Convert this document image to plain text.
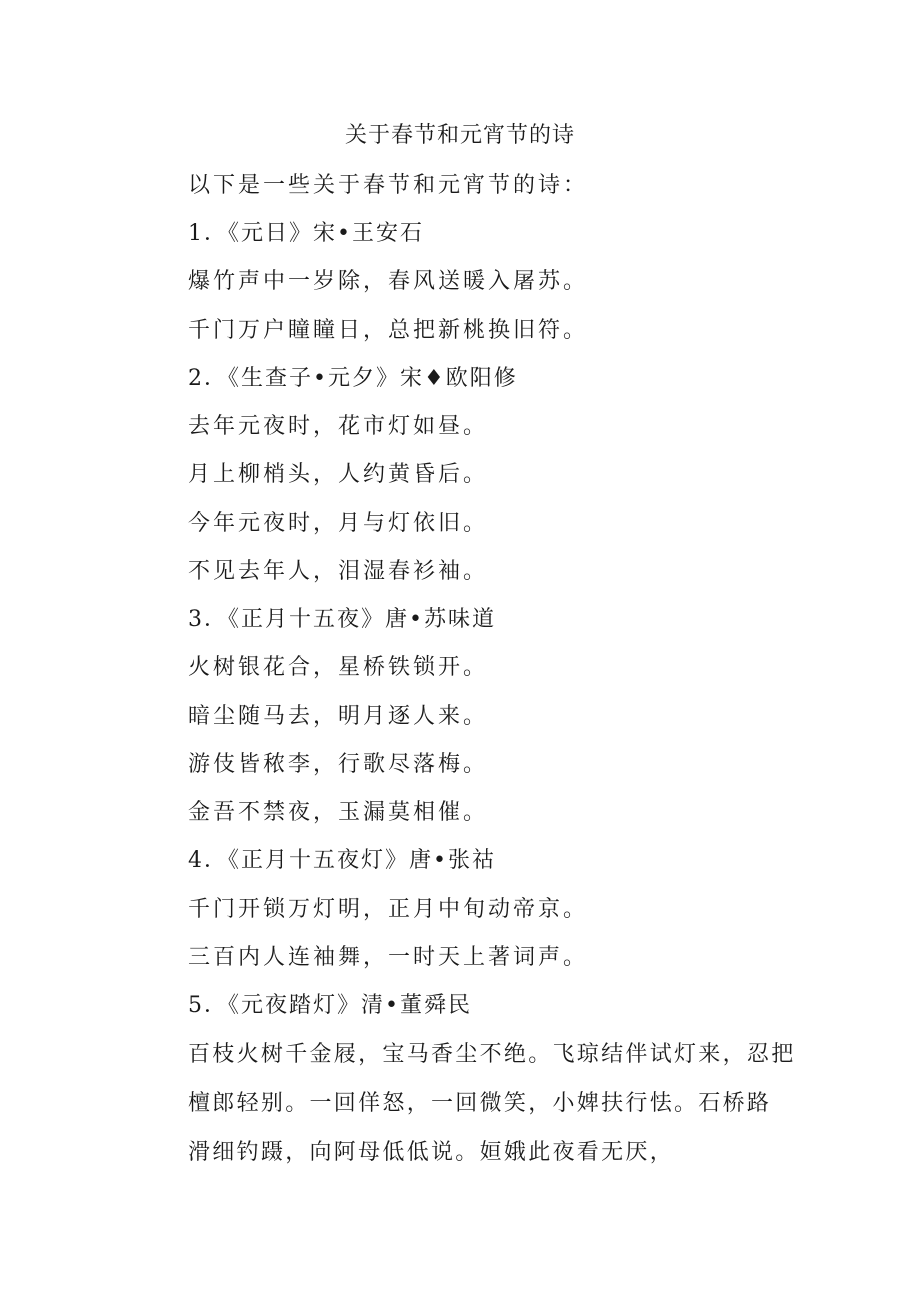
关于春节和元宵节的诗
以下是一些关于春节和元宵节的诗：
1．《元日》宋•王安石
爆竹声中一岁除，春风送暖入屠苏。
千门万户瞳瞳日，总把新桃换旧符。
2．《生查子•元夕》宋♦欧阳修
去年元夜时，花市灯如昼。
月上柳梢头，人约黄昏后。
今年元夜时，月与灯依旧。
不见去年人，泪湿春衫袖。
3．《正月十五夜》唐•苏味道
火树银花合，星桥铁锁开。
暗尘随马去，明月逐人来。
游伎皆秾李，行歌尽落梅。
金吾不禁夜，玉漏莫相催。
4．《正月十五夜灯》唐•张祜
千门开锁万灯明，正月中旬动帝京。
三百内人连袖舞，一时天上著词声。
5．《元夜踏灯》清•董舜民
百枝火树千金屐，宝马香尘不绝。飞琼结伴试灯来，忍把
檀郎轻别。一回佯怒，一回微笑，小婢扶行怯。石桥路
滑细钓蹑，向阿母低低说。姮娥此夜看无厌，
